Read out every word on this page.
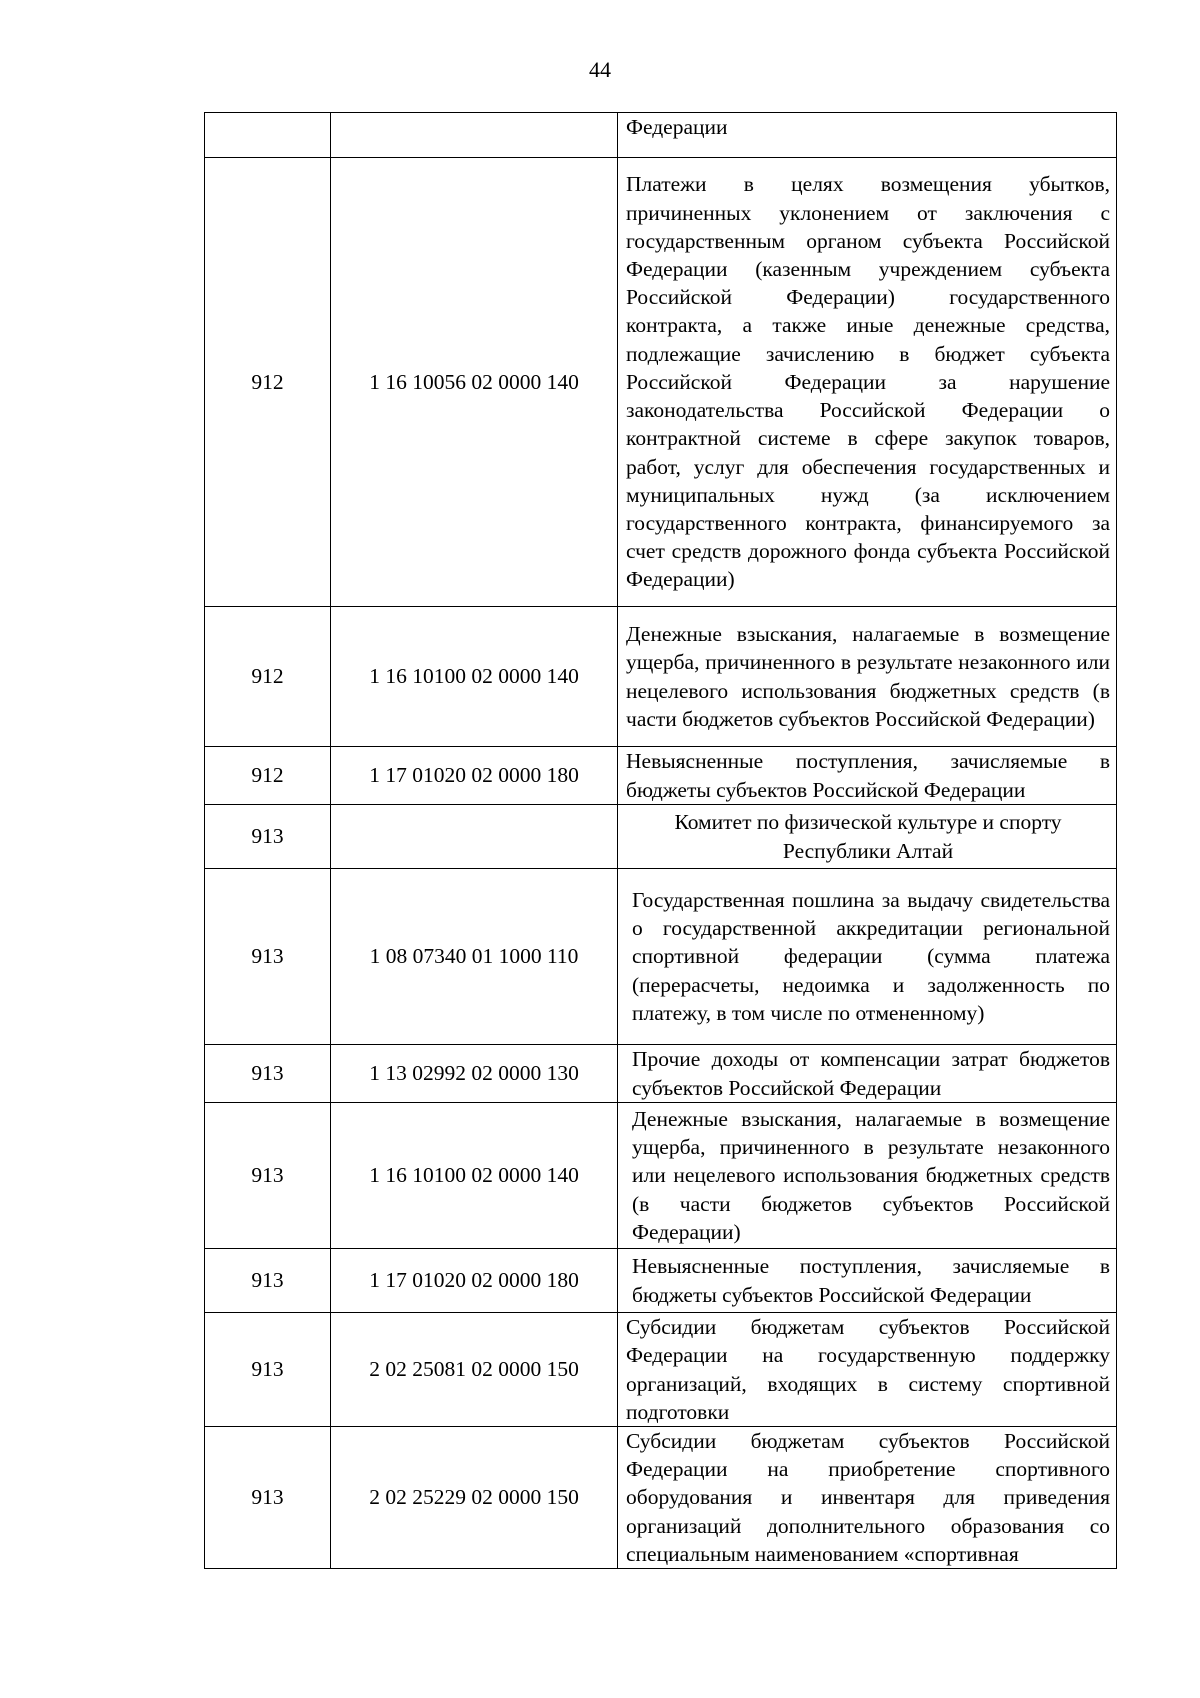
44

		Федерации

912	1 16 10056 02 0000 140	Платежи в целях возмещения убытков, причиненных уклонением от заключения с государственным органом субъекта Российской Федерации (казенным учреждением субъекта Российской Федерации) государственного контракта, а также иные денежные средства, подлежащие зачислению в бюджет субъекта Российской Федерации за нарушение законодательства Российской Федерации о контрактной системе в сфере закупок товаров, работ, услуг для обеспечения государственных и муниципальных нужд (за исключением государственного контракта, финансируемого за счет средств дорожного фонда субъекта Российской Федерации)

912	1 16 10100 02 0000 140	Денежные взыскания, налагаемые в возмещение ущерба, причиненного в результате незаконного или нецелевого использования бюджетных средств (в части бюджетов субъектов Российской Федерации)

912	1 17 01020 02 0000 180	Невыясненные поступления, зачисляемые в бюджеты субъектов Российской Федерации

913		Комитет по физической культуре и спорту Республики Алтай

913	1 08 07340 01 1000 110	Государственная пошлина за выдачу свидетельства о государственной аккредитации региональной спортивной федерации (сумма платежа (перерасчеты, недоимка и задолженность по платежу, в том числе по отмененному)

913	1 13 02992 02 0000 130	Прочие доходы от компенсации затрат бюджетов субъектов Российской Федерации

913	1 16 10100 02 0000 140	Денежные взыскания, налагаемые в возмещение ущерба, причиненного в результате незаконного или нецелевого использования бюджетных средств (в части бюджетов субъектов Российской Федерации)

913	1 17 01020 02 0000 180	Невыясненные поступления, зачисляемые в бюджеты субъектов Российской Федерации

913	2 02 25081 02 0000 150	Субсидии бюджетам субъектов Российской Федерации на государственную поддержку организаций, входящих в систему спортивной подготовки

913	2 02 25229 02 0000 150	Субсидии бюджетам субъектов Российской Федерации на приобретение спортивного оборудования и инвентаря для приведения организаций дополнительного образования со специальным наименованием «спортивная
